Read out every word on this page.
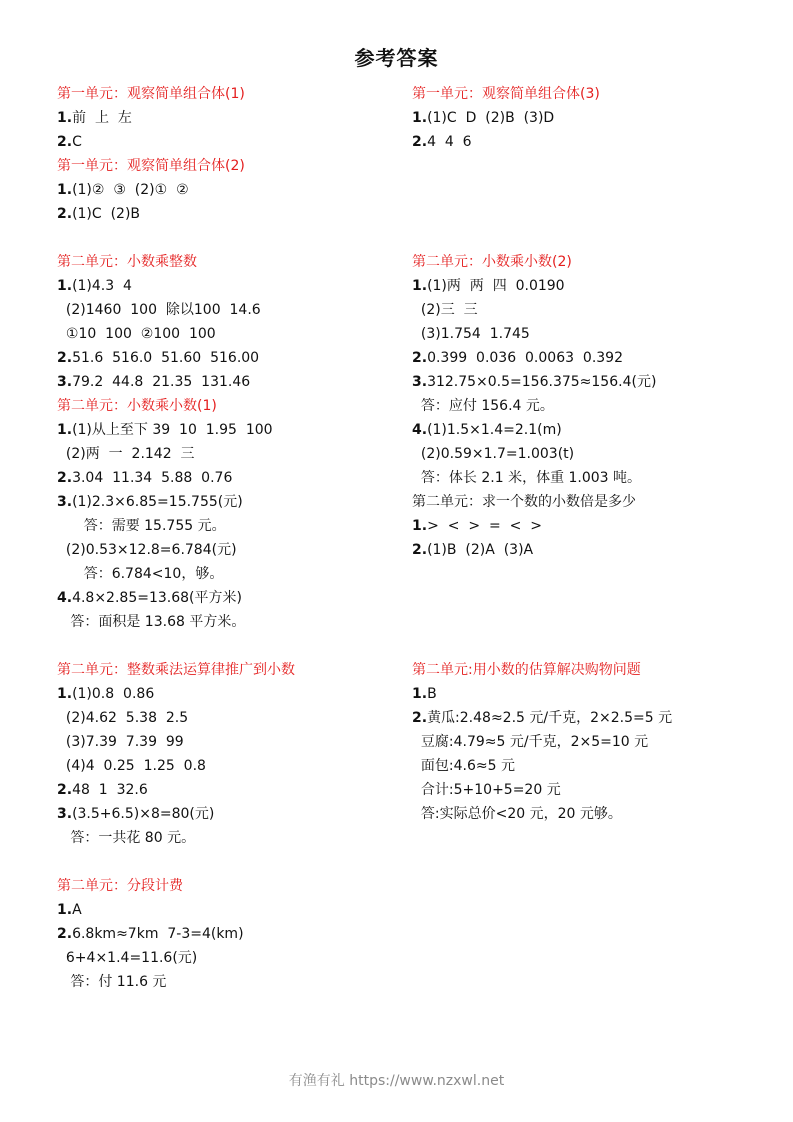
参考答案
第一单元：观察简单组合体(1)
1.前  上  左
2.C
第一单元：观察简单组合体(2)
1.(1)②  ③  (2)①  ②
2.(1)C  (2)B
第二单元：小数乘整数
1.(1)4.3  4
(2)1460  100  除以100  14.6
①10  100  ②100  100
2.51.6  516.0  51.60  516.00
3.79.2  44.8  21.35  131.46
第二单元：小数乘小数(1)
1.(1)从上至下 39  10  1.95  100
(2)两  一  2.142  三
2.3.04  11.34  5.88  0.76
3.(1)2.3×6.85=15.755(元)
答：需要 15.755 元。
(2)0.53×12.8=6.784(元)
答：6.784<10，够。
4.4.8×2.85=13.68(平方米)
答：面积是 13.68 平方米。
第二单元：整数乘法运算律推广到小数
1.(1)0.8  0.86
(2)4.62  5.38  2.5
(3)7.39  7.39  99
(4)4  0.25  1.25  0.8
2.48  1  32.6
3.(3.5+6.5)×8=80(元)
答：一共花 80 元。
第二单元：分段计费
1.A
2.6.8km≈7km  7-3=4(km)
6+4×1.4=11.6(元)
答：付 11.6 元
第一单元：观察简单组合体(3)
1.(1)C  D  (2)B  (3)D
2.4  4  6
第二单元：小数乘小数(2)
1.(1)两  两  四  0.0190
(2)三  三
(3)1.754  1.745
2.0.399  0.036  0.0063  0.392
3.312.75×0.5=156.375≈156.4(元)
答：应付 156.4 元。
4.(1)1.5×1.4=2.1(m)
(2)0.59×1.7=1.003(t)
答：体长 2.1 米，体重 1.003 吨。
第二单元：求一个数的小数倍是多少
1.>  <  >  =  <  >
2.(1)B  (2)A  (3)A
第二单元:用小数的估算解决购物问题
1.B
2.黄瓜:2.48≈2.5 元/千克，2×2.5=5 元
豆腐:4.79≈5 元/千克，2×5=10 元
面包:4.6≈5 元
合计:5+10+5=20 元
答:实际总价<20 元，20 元够。
有渔有礼 https://www.nzxwl.net
